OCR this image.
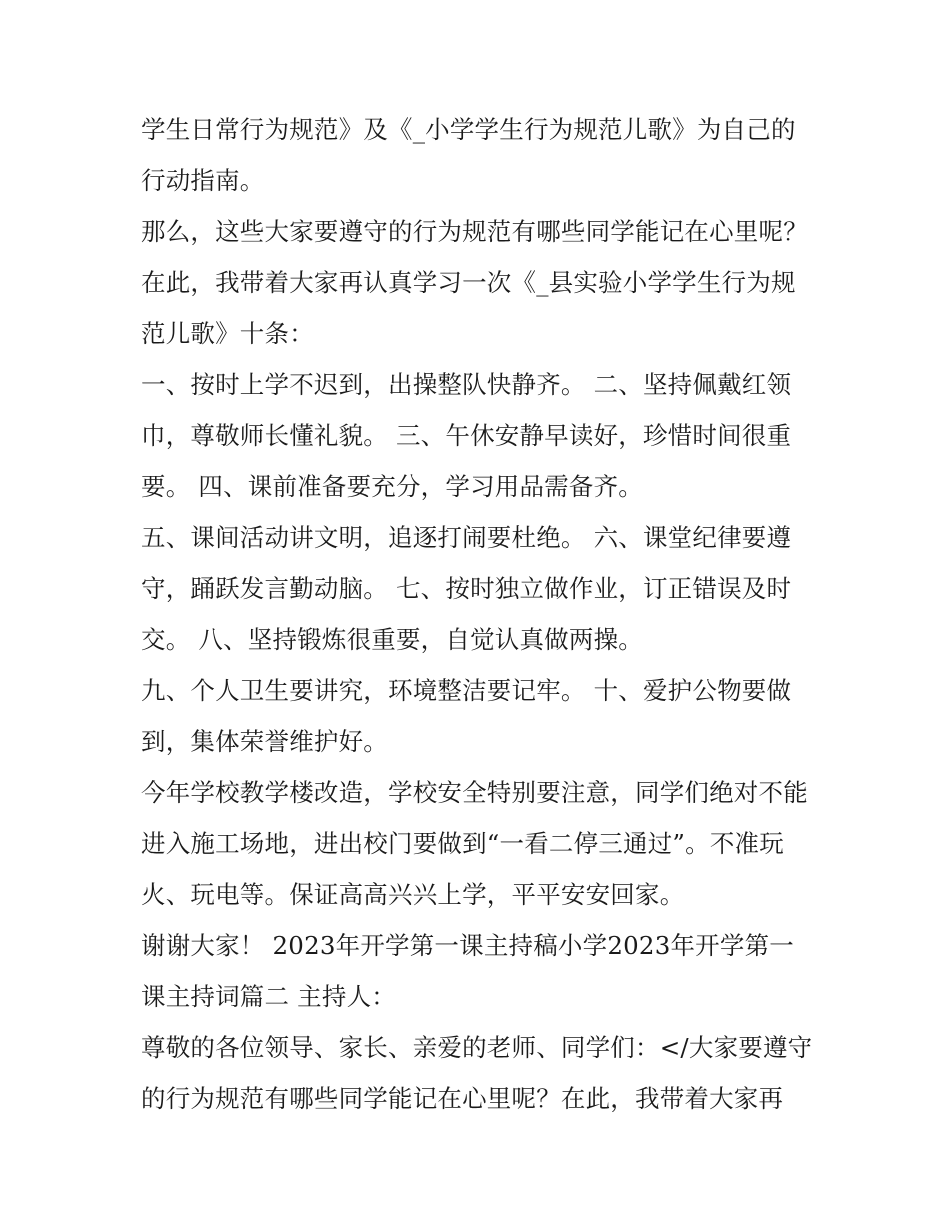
学生日常行为规范》及《_小学学生行为规范儿歌》为自己的行动指南。

那么，这些大家要遵守的行为规范有哪些同学能记在心里呢？

在此，我带着大家再认真学习一次《_县实验小学学生行为规范儿歌》十条：

一、按时上学不迟到，出操整队快静齐。 二、坚持佩戴红领巾，尊敬师长懂礼貌。 三、午休安静早读好，珍惜时间很重要。 四、课前准备要充分，学习用品需备齐。

五、课间活动讲文明，追逐打闹要杜绝。 六、课堂纪律要遵守，踊跃发言勤动脑。 七、按时独立做作业，订正错误及时交。 八、坚持锻炼很重要，自觉认真做两操。

九、个人卫生要讲究，环境整洁要记牢。 十、爱护公物要做到，集体荣誉维护好。

今年学校教学楼改造，学校安全特别要注意，同学们绝对不能进入施工场地，进出校门要做到“一看二停三通过”。不准玩火、玩电等。保证高高兴兴上学，平平安安回家。

谢谢大家！ 2023年开学第一课主持稿小学2023年开学第一课主持词篇二 主持人：

尊敬的各位领导、家长、亲爱的老师、同学们：</大家要遵守的行为规范有哪些同学能记在心里呢？在此，我带着大家再
